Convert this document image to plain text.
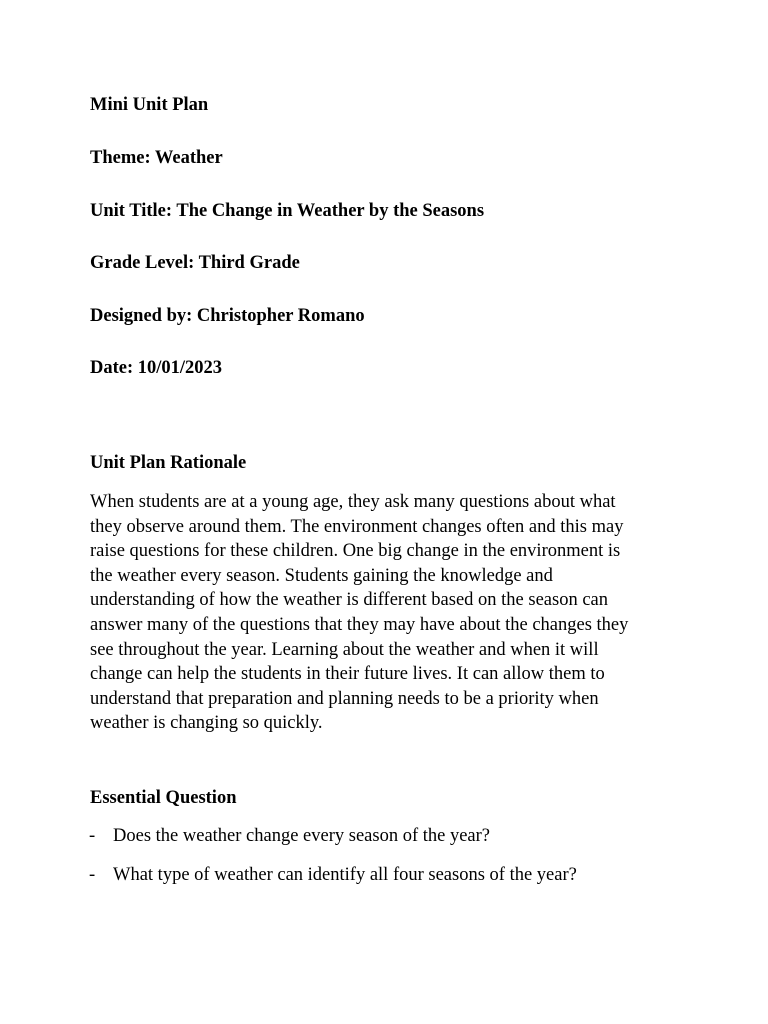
Mini Unit Plan
Theme: Weather
Unit Title: The Change in Weather by the Seasons
Grade Level: Third Grade
Designed by: Christopher Romano
Date: 10/01/2023
Unit Plan Rationale
When students are at a young age, they ask many questions about what
they observe around them. The environment changes often and this may
raise questions for these children. One big change in the environment is
the weather every season. Students gaining the knowledge and
understanding of how the weather is different based on the season can
answer many of the questions that they may have about the changes they
see throughout the year. Learning about the weather and when it will
change can help the students in their future lives. It can allow them to
understand that preparation and planning needs to be a priority when
weather is changing so quickly.
Essential Question
- Does the weather change every season of the year?
- What type of weather can identify all four seasons of the year?
